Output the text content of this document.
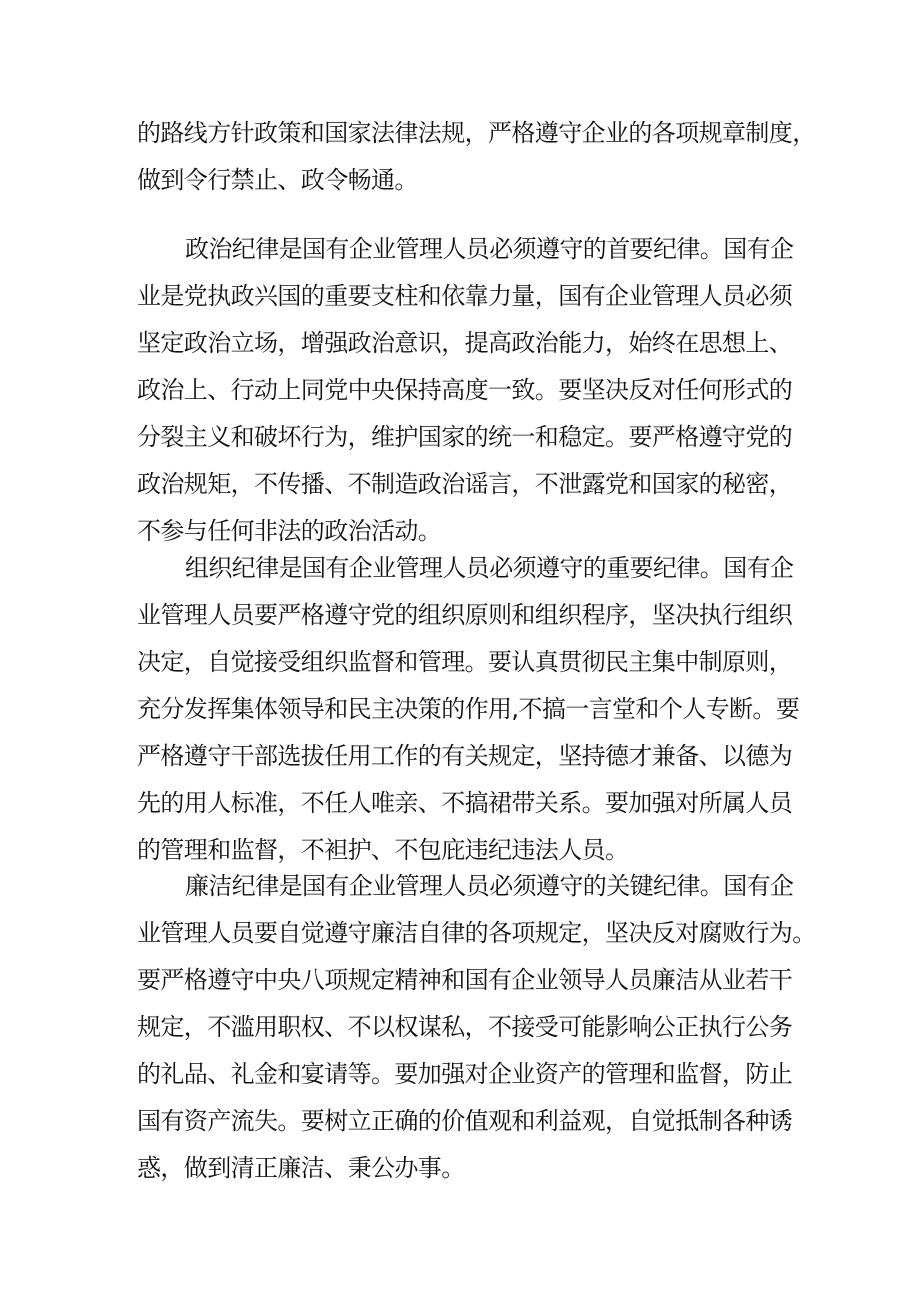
的路线方针政策和国家法律法规，严格遵守企业的各项规章制度，
做到令行禁止、政令畅通。
政治纪律是国有企业管理人员必须遵守的首要纪律。国有企
业是党执政兴国的重要支柱和依靠力量，国有企业管理人员必须
坚定政治立场，增强政治意识，提高政治能力，始终在思想上、
政治上、行动上同党中央保持高度一致。要坚决反对任何形式的
分裂主义和破坏行为，维护国家的统一和稳定。要严格遵守党的
政治规矩，不传播、不制造政治谣言，不泄露党和国家的秘密，
不参与任何非法的政治活动。
组织纪律是国有企业管理人员必须遵守的重要纪律。国有企
业管理人员要严格遵守党的组织原则和组织程序，坚决执行组织
决定，自觉接受组织监督和管理。要认真贯彻民主集中制原则，
充分发挥集体领导和民主决策的作用,不搞一言堂和个人专断。要
严格遵守干部选拔任用工作的有关规定，坚持德才兼备、以德为
先的用人标准，不任人唯亲、不搞裙带关系。要加强对所属人员
的管理和监督，不袒护、不包庇违纪违法人员。
廉洁纪律是国有企业管理人员必须遵守的关键纪律。国有企
业管理人员要自觉遵守廉洁自律的各项规定，坚决反对腐败行为。
要严格遵守中央八项规定精神和国有企业领导人员廉洁从业若干
规定，不滥用职权、不以权谋私，不接受可能影响公正执行公务
的礼品、礼金和宴请等。要加强对企业资产的管理和监督，防止
国有资产流失。要树立正确的价值观和利益观，自觉抵制各种诱
惑，做到清正廉洁、秉公办事。
